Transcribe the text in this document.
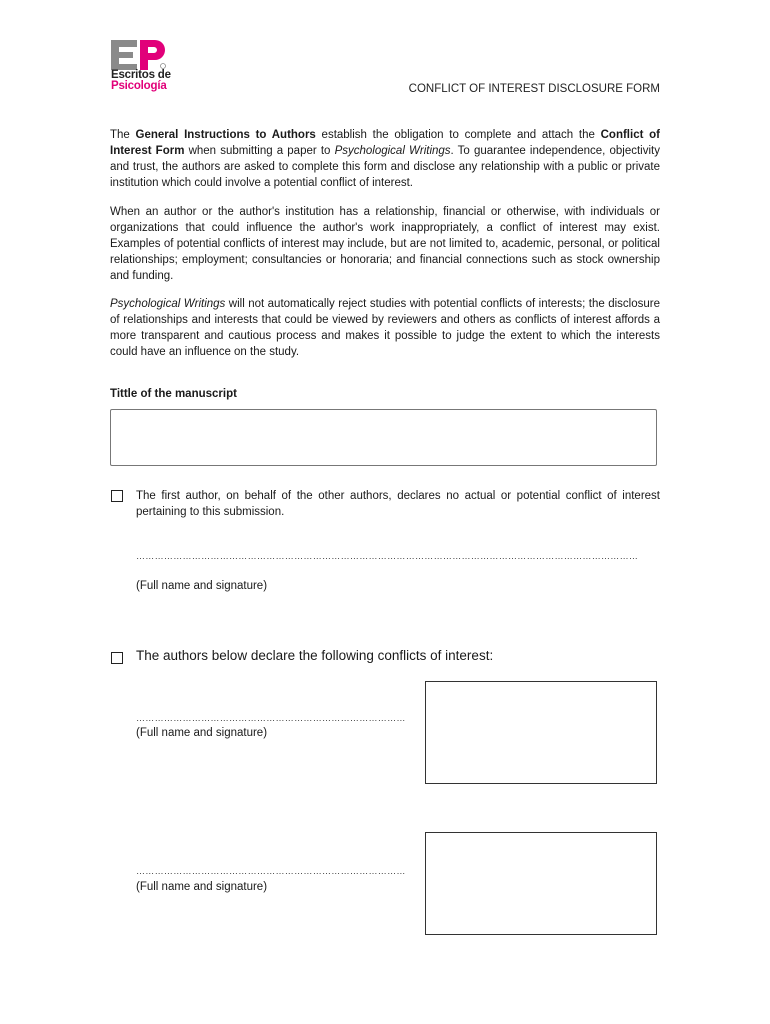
Escritos de
Psicología	CONFLICT OF INTEREST DISCLOSURE FORM

The General Instructions to Authors establish the obligation to complete and attach the Conflict of Interest Form when submitting a paper to Psychological Writings. To guarantee independence, objectivity and trust, the authors are asked to complete this form and disclose any relationship with a public or private institution which could involve a potential conflict of interest.

When an author or the author's institution has a relationship, financial or otherwise, with individuals or organizations that could influence the author's work inappropriately, a conflict of interest may exist. Examples of potential conflicts of interest may include, but are not limited to, academic, personal, or political relationships; employment; consultancies or honoraria; and financial connections such as stock ownership and funding.

Psychological Writings will not automatically reject studies with potential conflicts of interests; the disclosure of relationships and interests that could be viewed by reviewers and others as conflicts of interest affords a more transparent and cautious process and makes it possible to judge the extent to which the interests could have an influence on the study.

Tittle of the manuscript

The first author, on behalf of the other authors, declares no actual or potential conflict of interest pertaining to this submission.

………………………………………………………………………………………………………………………………………………
(Full name and signature)

The authors below declare the following conflicts of interest:

……………………………………………………………………………
(Full name and signature)
……………………………………………………………………………
(Full name and signature)
